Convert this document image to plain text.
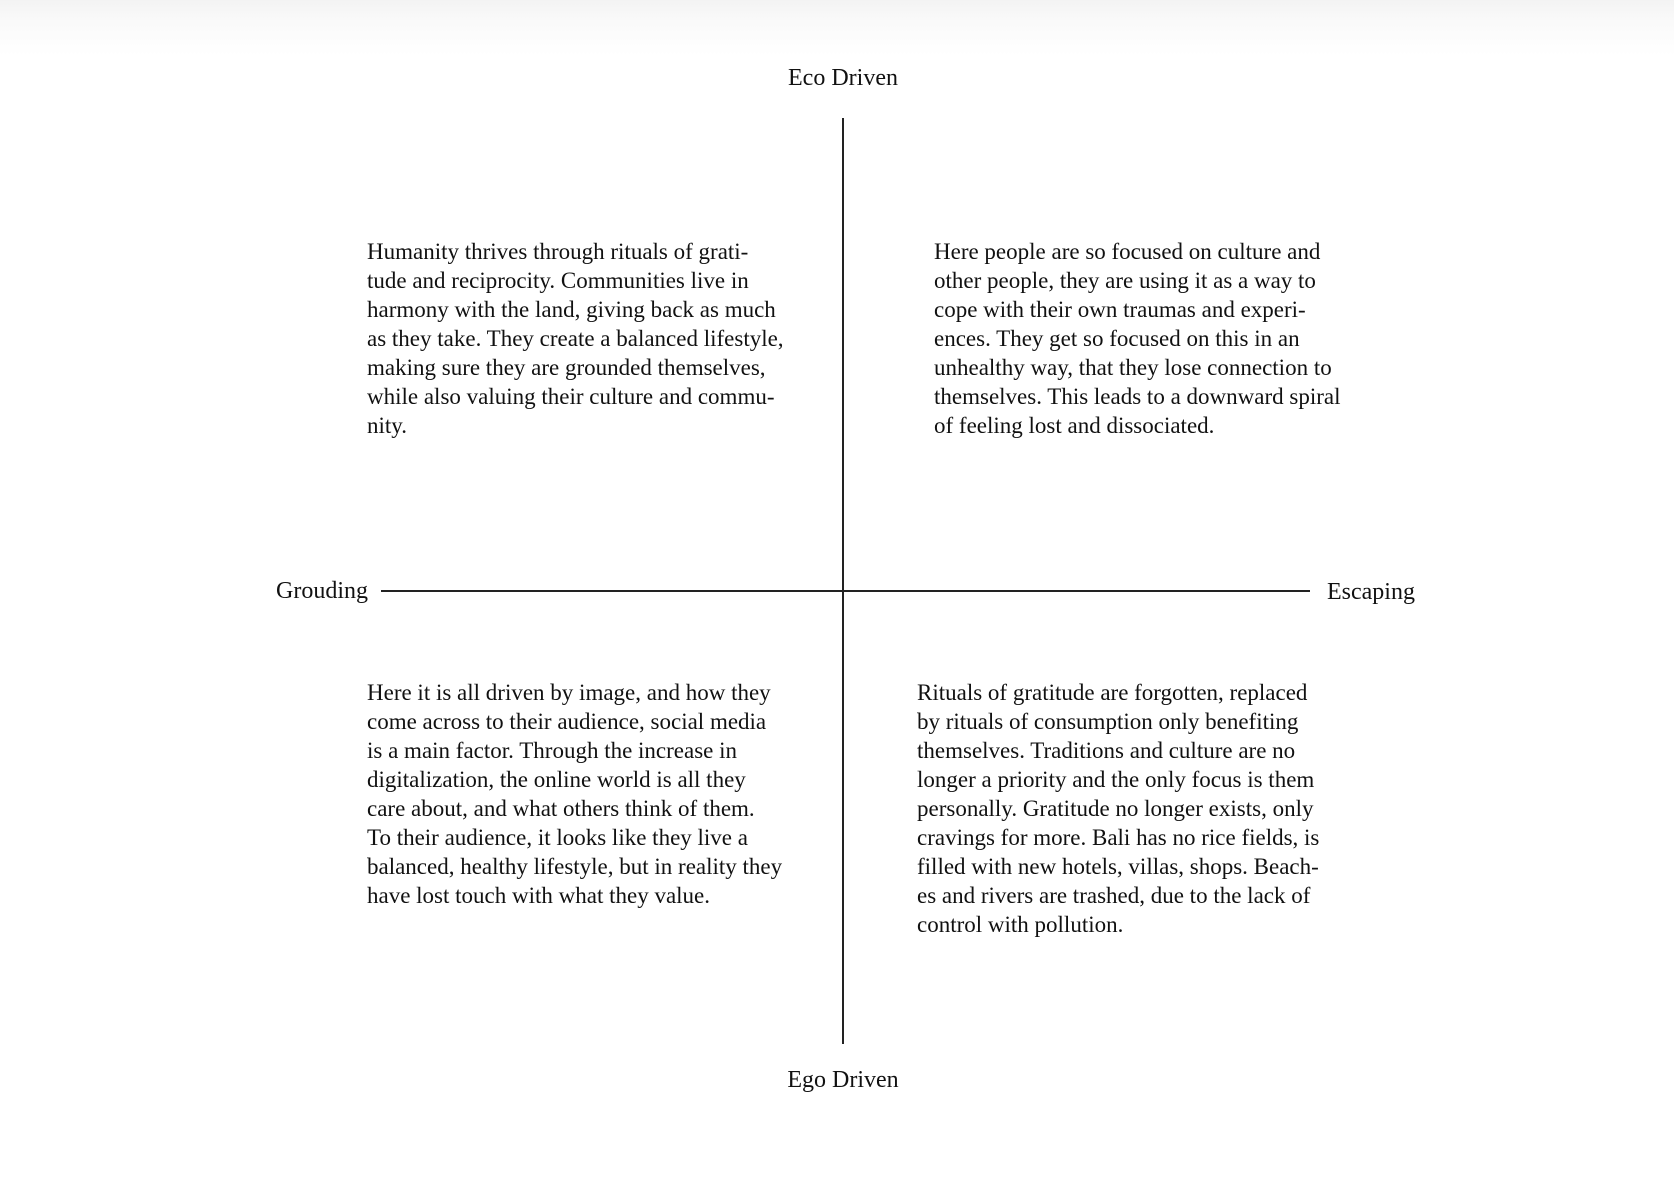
Eco Driven
Ego Driven
Grouding	Escaping
Humanity thrives through rituals of grati-
tude and reciprocity. Communities live in
harmony with the land, giving back as much
as they take. They create a balanced lifestyle,
making sure they are grounded themselves,
while also valuing their culture and commu-
nity.
Here people are so focused on culture and
other people, they are using it as a way to
cope with their own traumas and experi-
ences. They get so focused on this in an
unhealthy way, that they lose connection to
themselves. This leads to a downward spiral
of feeling lost and dissociated.
Here it is all driven by image, and how they
come across to their audience, social media
is a main factor. Through the increase in
digitalization, the online world is all they
care about, and what others think of them.
To their audience, it looks like they live a
balanced, healthy lifestyle, but in reality they
have lost touch with what they value.
Rituals of gratitude are forgotten, replaced
by rituals of consumption only benefiting
themselves. Traditions and culture are no
longer a priority and the only focus is them
personally. Gratitude no longer exists, only
cravings for more. Bali has no rice fields, is
filled with new hotels, villas, shops. Beach-
es and rivers are trashed, due to the lack of
control with pollution.
